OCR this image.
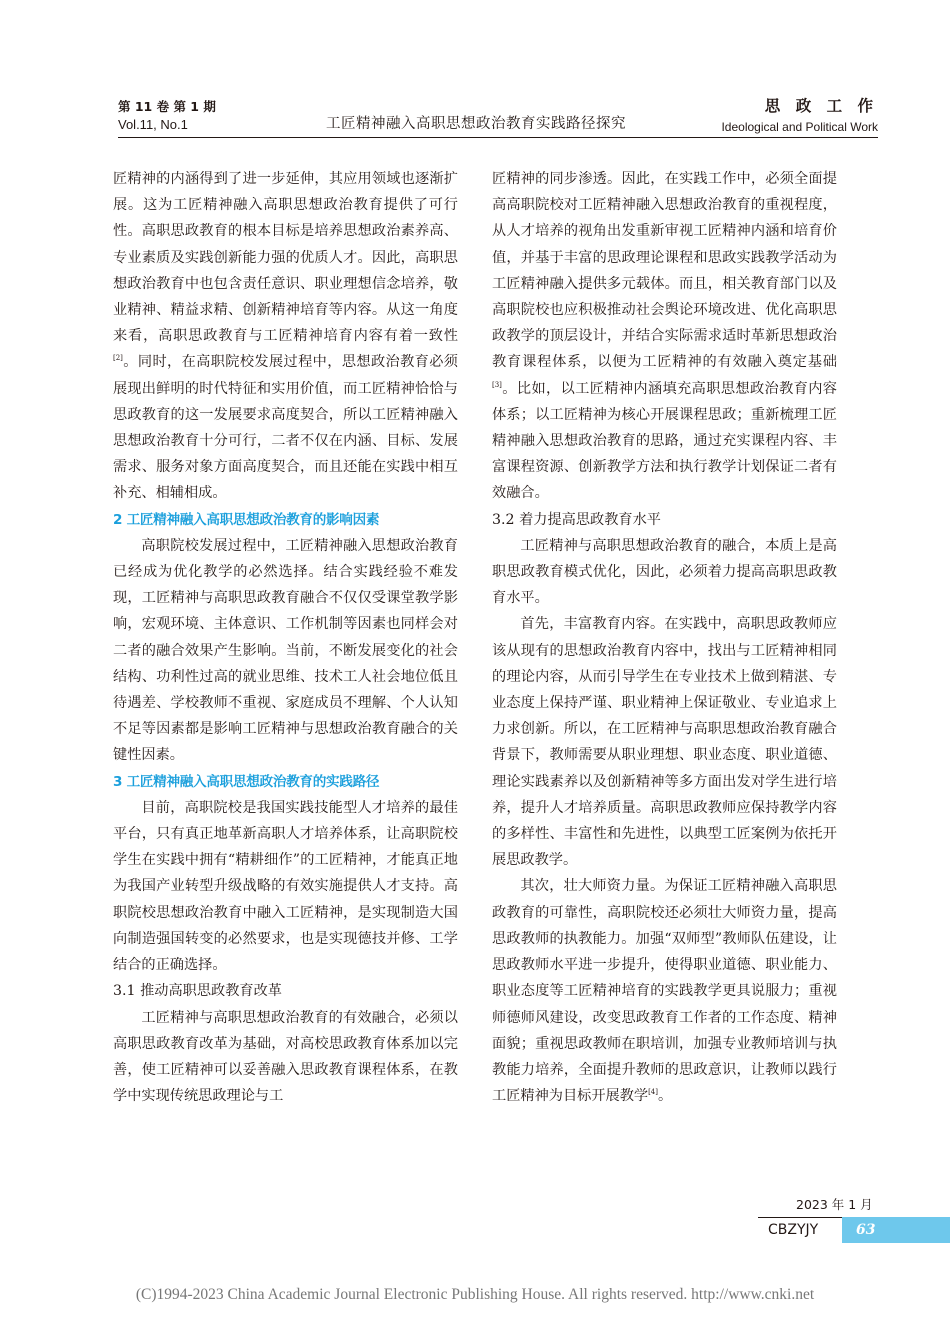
第 11 卷 第 1 期
Vol.11, No.1	工匠精神融入高职思想政治教育实践路径探究
思 政 工 作
Ideological and Political Work

匠精神的内涵得到了进一步延伸，其应用领域也逐渐扩展。这为工匠精神融入高职思想政治教育提供了可行性。高职思政教育的根本目标是培养思想政治素养高、专业素质及实践创新能力强的优质人才。因此，高职思想政治教育中也包含责任意识、职业理想信念培养，敬业精神、精益求精、创新精神培育等内容。从这一角度来看，高职思政教育与工匠精神培育内容有着一致性[2]。同时，在高职院校发展过程中，思想政治教育必须展现出鲜明的时代特征和实用价值，而工匠精神恰恰与思政教育的这一发展要求高度契合，所以工匠精神融入思想政治教育十分可行，二者不仅在内涵、目标、发展需求、服务对象方面高度契合，而且还能在实践中相互补充、相辅相成。

2 工匠精神融入高职思想政治教育的影响因素

高职院校发展过程中，工匠精神融入思想政治教育已经成为优化教学的必然选择。结合实践经验不难发现，工匠精神与高职思政教育融合不仅仅受课堂教学影响，宏观环境、主体意识、工作机制等因素也同样会对二者的融合效果产生影响。当前，不断发展变化的社会结构、功利性过高的就业思维、技术工人社会地位低且待遇差、学校教师不重视、家庭成员不理解、个人认知不足等因素都是影响工匠精神与思想政治教育融合的关键性因素。

3 工匠精神融入高职思想政治教育的实践路径

目前，高职院校是我国实践技能型人才培养的最佳平台，只有真正地革新高职人才培养体系，让高职院校学生在实践中拥有“精耕细作”的工匠精神，才能真正地为我国产业转型升级战略的有效实施提供人才支持。高职院校思想政治教育中融入工匠精神，是实现制造大国向制造强国转变的必然要求，也是实现德技并修、工学结合的正确选择。

3.1 推动高职思政教育改革

工匠精神与高职思想政治教育的有效融合，必须以高职思政教育改革为基础，对高校思政教育体系加以完善，使工匠精神可以妥善融入思政教育课程体系，在教学中实现传统思政理论与工

匠精神的同步渗透。因此，在实践工作中，必须全面提高高职院校对工匠精神融入思想政治教育的重视程度，从人才培养的视角出发重新审视工匠精神内涵和培育价值，并基于丰富的思政理论课程和思政实践教学活动为工匠精神融入提供多元载体。而且，相关教育部门以及高职院校也应积极推动社会舆论环境改进、优化高职思政教学的顶层设计，并结合实际需求适时革新思想政治教育课程体系，以便为工匠精神的有效融入奠定基础[3]。比如，以工匠精神内涵填充高职思想政治教育内容体系；以工匠精神为核心开展课程思政；重新梳理工匠精神融入思想政治教育的思路，通过充实课程内容、丰富课程资源、创新教学方法和执行教学计划保证二者有效融合。

3.2 着力提高思政教育水平

工匠精神与高职思想政治教育的融合，本质上是高职思政教育模式优化，因此，必须着力提高高职思政教育水平。

首先，丰富教育内容。在实践中，高职思政教师应该从现有的思想政治教育内容中，找出与工匠精神相同的理论内容，从而引导学生在专业技术上做到精湛、专业态度上保持严谨、职业精神上保证敬业、专业追求上力求创新。所以，在工匠精神与高职思想政治教育融合背景下，教师需要从职业理想、职业态度、职业道德、理论实践素养以及创新精神等多方面出发对学生进行培养，提升人才培养质量。高职思政教师应保持教学内容的多样性、丰富性和先进性，以典型工匠案例为依托开展思政教学。

其次，壮大师资力量。为保证工匠精神融入高职思政教育的可靠性，高职院校还必须壮大师资力量，提高思政教师的执教能力。加强“双师型”教师队伍建设，让思政教师水平进一步提升，使得职业道德、职业能力、职业态度等工匠精神培育的实践教学更具说服力；重视师德师风建设，改变思政教育工作者的工作态度、精神面貌；重视思政教师在职培训，加强专业教师培训与执教能力培养，全面提升教师的思政意识，让教师以践行工匠精神为目标开展教学[4]。

2023 年 1 月
CBZYJY	63
(C)1994-2023 China Academic Journal Electronic Publishing House. All rights reserved. http://www.cnki.net
